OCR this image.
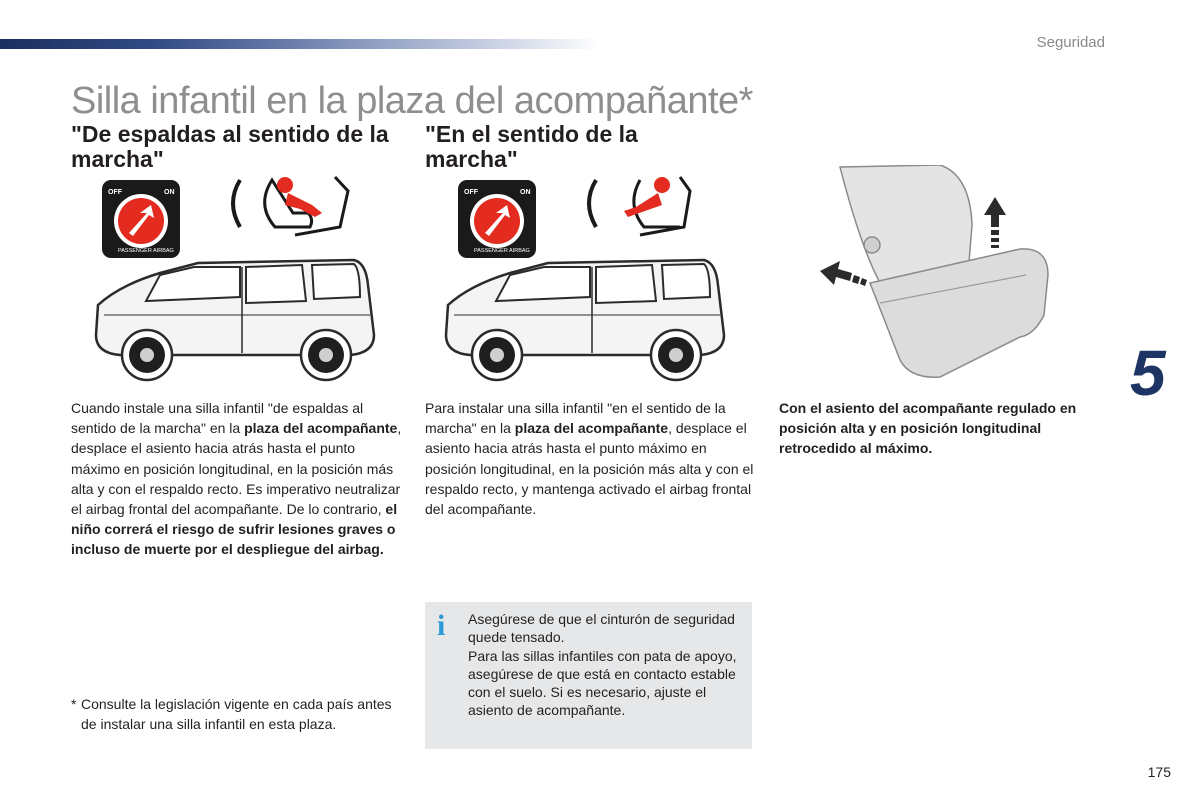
Seguridad
Silla infantil en la plaza del acompañante*
"De espaldas al sentido de la marcha"
"En el sentido de la marcha"
OFF	ON
PASSENGER AIRBAG
OFF	ON
PASSENGER AIRBAG

Cuando instale una silla infantil "de espaldas al sentido de la marcha" en la plaza del acompañante, desplace el asiento hacia atrás hasta el punto máximo en posición longitudinal, en la posición más alta y con el respaldo recto. Es imperativo neutralizar el airbag frontal del acompañante. De lo contrario, el niño correrá el riesgo de sufrir lesiones graves o incluso de muerte por el despliegue del airbag.

Para instalar una silla infantil "en el sentido de la marcha" en la plaza del acompañante, desplace el asiento hacia atrás hasta el punto máximo en posición longitudinal, en la posición más alta y con el respaldo recto, y mantenga activado el airbag frontal del acompañante.

Con el asiento del acompañante regulado en posición alta y en posición longitudinal retrocedido al máximo.

5
i Asegúrese de que el cinturón de seguridad quede tensado.

Para las sillas infantiles con pata de apoyo, asegúrese de que está en contacto estable con el suelo. Si es necesario, ajuste el asiento de acompañante.

* Consulte la legislación vigente en cada país antes de instalar una silla infantil en esta plaza.
175
